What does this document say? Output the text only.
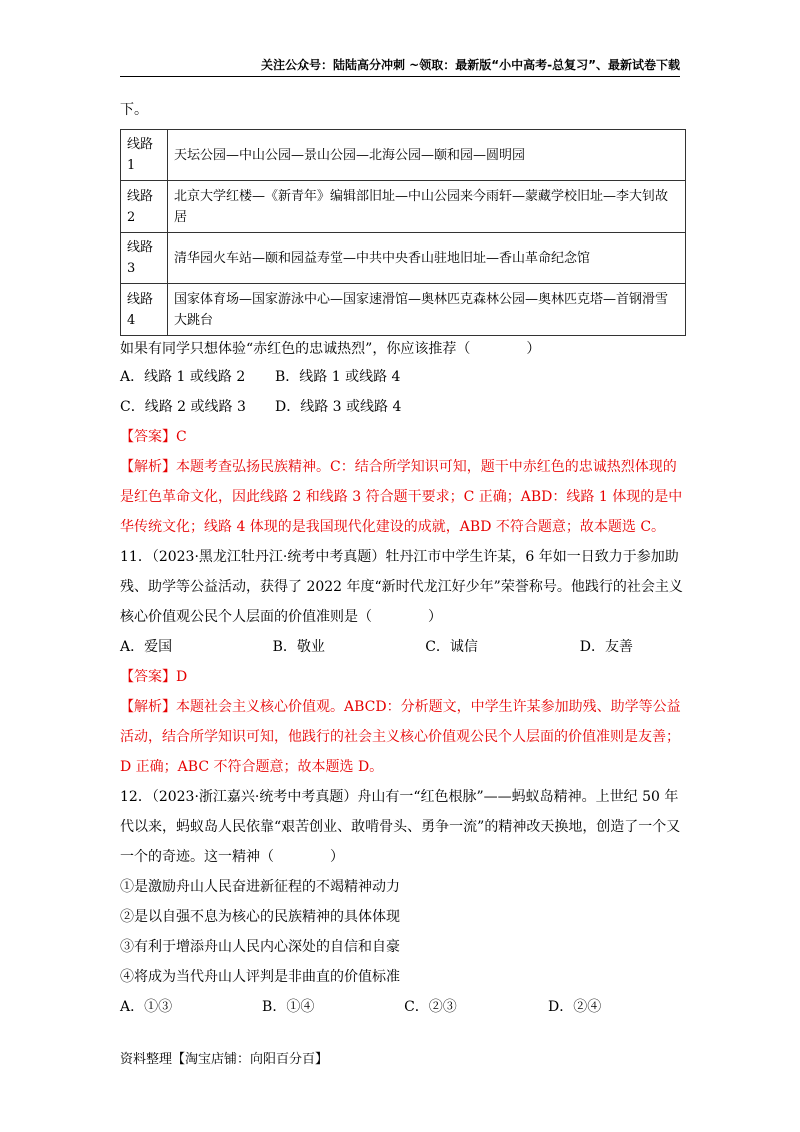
关注公众号：陆陆高分冲刺 ~领取：最新版“小中高考-总复习”、最新试卷下载

下。

线路1	天坛公园—中山公园—景山公园—北海公园—颐和园—圆明园
线路2	北京大学红楼—《新青年》编辑部旧址—中山公园来今雨轩—蒙藏学校旧址—李大钊故居
线路3	清华园火车站—颐和园益寿堂—中共中央香山驻地旧址—香山革命纪念馆
线路4	国家体育场—国家游泳中心—国家速滑馆—奥林匹克森林公园—奥林匹克塔—首钢滑雪大跳台

如果有同学只想体验“赤红色的忠诚热烈”，你应该推荐（　　　　）

A．线路 1 或线路 2	B．线路 1 或线路 4
C．线路 2 或线路 3	D．线路 3 或线路 4

【答案】C

【解析】本题考查弘扬民族精神。C：结合所学知识可知，题干中赤红色的忠诚热烈体现的是红色革命文化，因此线路 2 和线路 3 符合题干要求；C 正确；ABD：线路 1 体现的是中华传统文化；线路 4 体现的是我国现代化建设的成就，ABD 不符合题意；故本题选 C。

11．（2023·黑龙江牡丹江·统考中考真题）牡丹江市中学生许某，6 年如一日致力于参加助残、助学等公益活动，获得了 2022 年度“新时代龙江好少年”荣誉称号。他践行的社会主义核心价值观公民个人层面的价值准则是（　　　　）

A．爱国	B．敬业	C．诚信	D．友善

【答案】D

【解析】本题社会主义核心价值观。ABCD：分析题文，中学生许某参加助残、助学等公益活动，结合所学知识可知，他践行的社会主义核心价值观公民个人层面的价值准则是友善；D 正确；ABC 不符合题意；故本题选 D。

12．（2023·浙江嘉兴·统考中考真题）舟山有一“红色根脉”——蚂蚁岛精神。上世纪 50 年代以来，蚂蚁岛人民依靠“艰苦创业、敢啃骨头、勇争一流”的精神改天换地，创造了一个又一个的奇迹。这一精神（　　　　）

①是激励舟山人民奋进新征程的不竭精神动力

②是以自强不息为核心的民族精神的具体体现

③有利于增添舟山人民内心深处的自信和自豪

④将成为当代舟山人评判是非曲直的价值标准

A．①③	B．①④	C．②③	D．②④
资料整理【淘宝店铺：向阳百分百】
